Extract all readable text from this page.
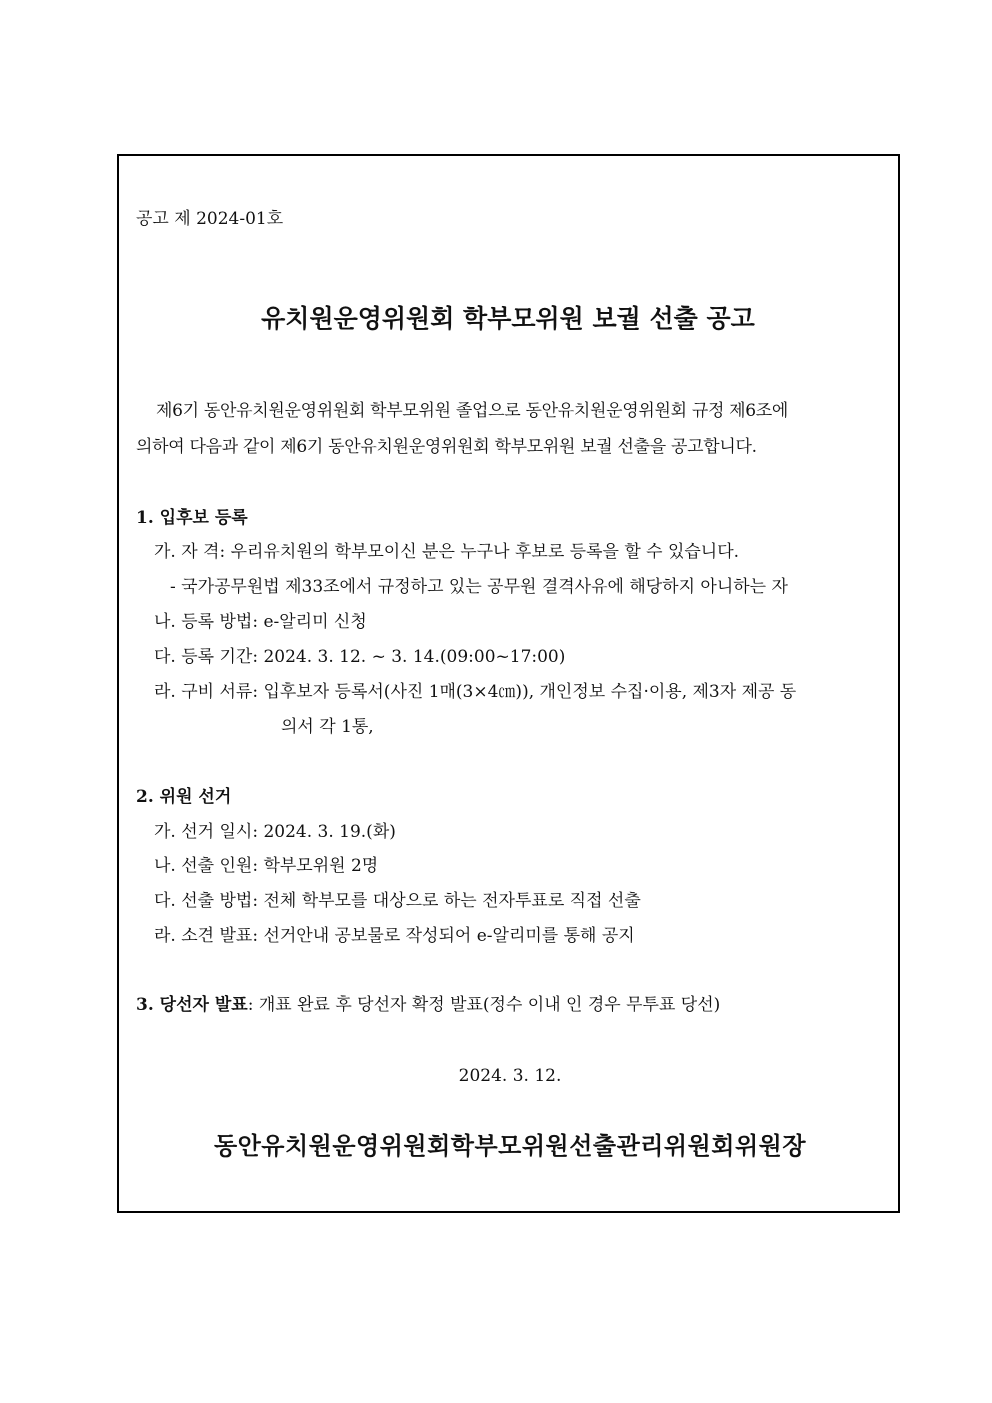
공고 제 2024-01호
유치원운영위원회 학부모위원 보궐 선출 공고
제6기 동안유치원운영위원회 학부모위원 졸업으로 동안유치원운영위원회 규정 제6조에
의하여 다음과 같이 제6기 동안유치원운영위원회 학부모위원 보궐 선출을 공고합니다.
1. 입후보 등록
가. 자 격: 우리유치원의 학부모이신 분은 누구나 후보로 등록을 할 수 있습니다.
- 국가공무원법 제33조에서 규정하고 있는 공무원 결격사유에 해당하지 아니하는 자
나. 등록 방법: e-알리미 신청
다. 등록 기간: 2024. 3. 12. ~ 3. 14.(09:00~17:00)
라. 구비 서류: 입후보자 등록서(사진 1매(3×4㎝)), 개인정보 수집·이용, 제3자 제공 동
의서 각 1통,
2. 위원 선거
가. 선거 일시: 2024. 3. 19.(화)
나. 선출 인원: 학부모위원 2명
다. 선출 방법: 전체 학부모를 대상으로 하는 전자투표로 직접 선출
라. 소견 발표: 선거안내 공보물로 작성되어 e-알리미를 통해 공지
3. 당선자 발표: 개표 완료 후 당선자 확정 발표(정수 이내 인 경우 무투표 당선)
2024. 3. 12.
동안유치원운영위원회학부모위원선출관리위원회위원장
